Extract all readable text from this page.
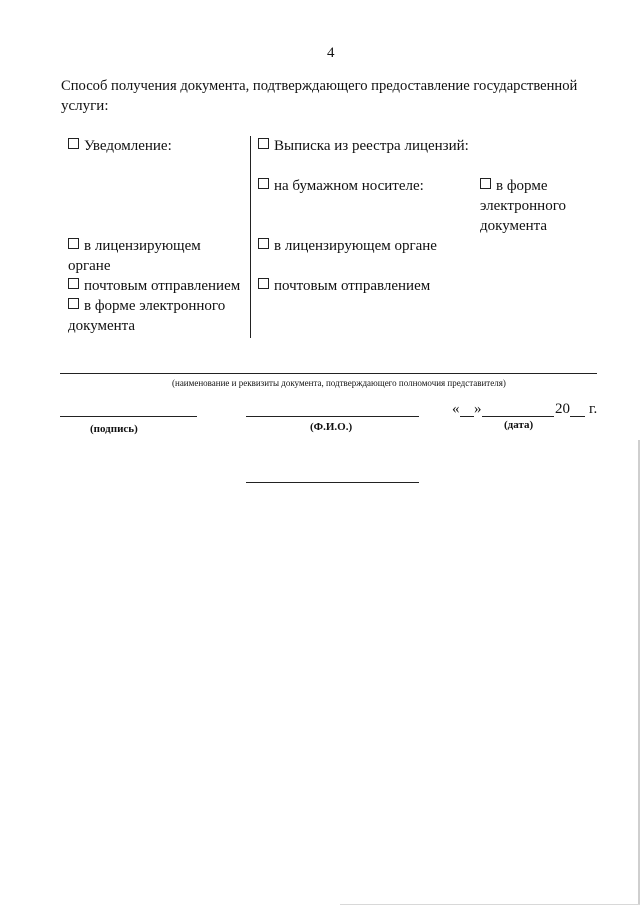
4
Способ получения документа, подтверждающего предоставление государственной
услуги:
Уведомление:
в лицензирующем
органе
почтовым отправлением
в форме электронного
документа
Выписка из реестра лицензий:
на бумажном носителе:	в форме
электронного
документа
в лицензирующем органе
почтовым отправлением
(наименование и реквизиты документа, подтверждающего полномочия представителя)
(подпись)	(Ф.И.О.)
« »	20 г.
(дата)
